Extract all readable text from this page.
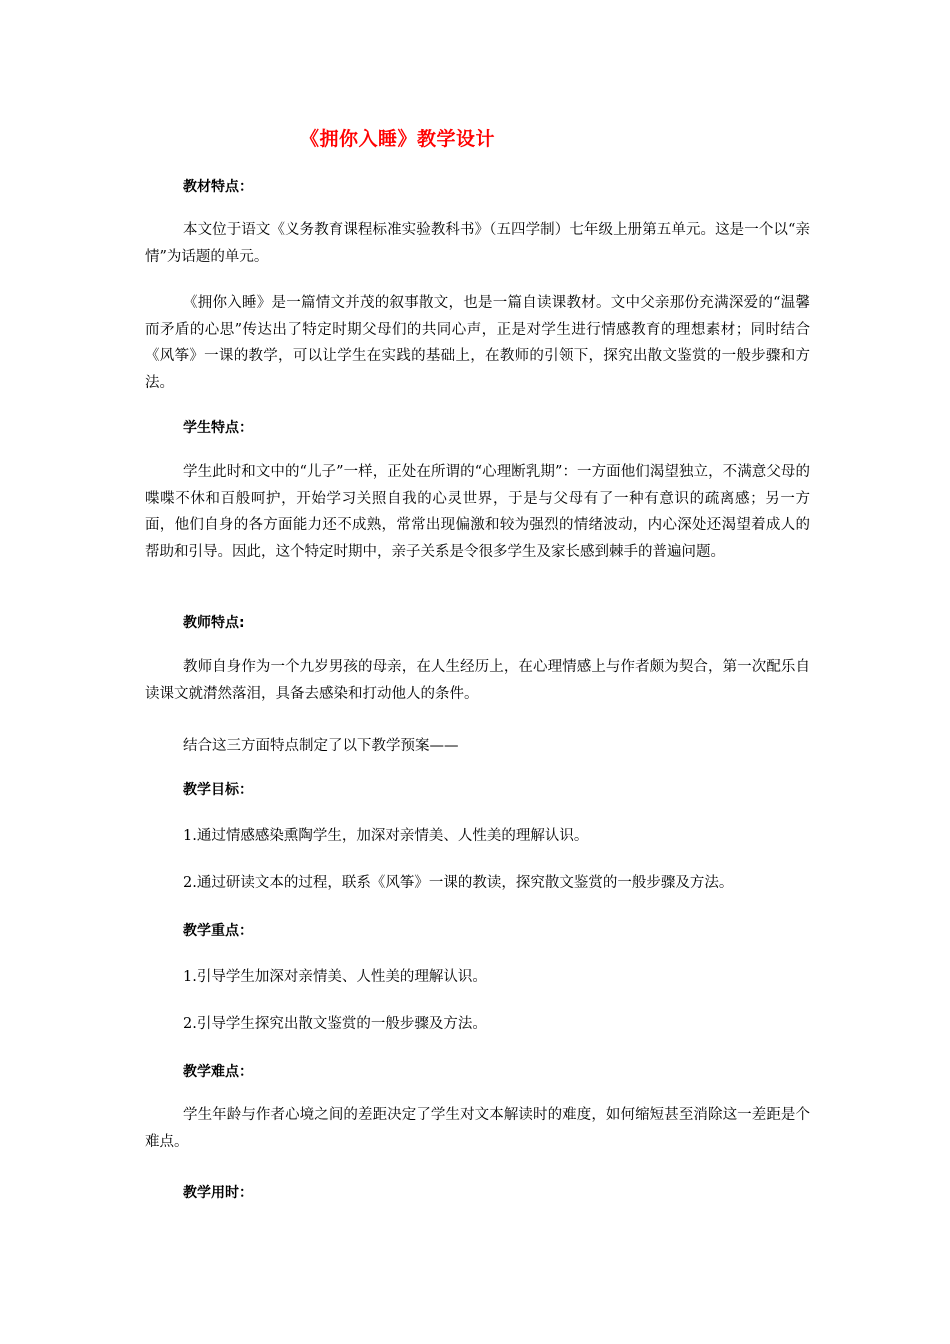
《拥你入睡》教学设计
教材特点：

本文位于语文《义务教育课程标准实验教科书》（五四学制）七年级上册第五单元。这是一个以“亲情”为话题的单元。

《拥你入睡》是一篇情文并茂的叙事散文，也是一篇自读课教材。文中父亲那份充满深爱的“温馨而矛盾的心思”传达出了特定时期父母们的共同心声，正是对学生进行情感教育的理想素材；同时结合《风筝》一课的教学，可以让学生在实践的基础上，在教师的引领下，探究出散文鉴赏的一般步骤和方法。

学生特点：

学生此时和文中的“儿子”一样，正处在所谓的“心理断乳期”：一方面他们渴望独立，不满意父母的喋喋不休和百般呵护，开始学习关照自我的心灵世界，于是与父母有了一种有意识的疏离感；另一方面，他们自身的各方面能力还不成熟，常常出现偏激和较为强烈的情绪波动，内心深处还渴望着成人的帮助和引导。因此，这个特定时期中，亲子关系是令很多学生及家长感到棘手的普遍问题。

教师特点:

教师自身作为一个九岁男孩的母亲，在人生经历上，在心理情感上与作者颇为契合，第一次配乐自读课文就潸然落泪，具备去感染和打动他人的条件。

结合这三方面特点制定了以下教学预案——

教学目标：

1.通过情感感染熏陶学生，加深对亲情美、人性美的理解认识。

2.通过研读文本的过程，联系《风筝》一课的教读，探究散文鉴赏的一般步骤及方法。

教学重点：

1.引导学生加深对亲情美、人性美的理解认识。

2.引导学生探究出散文鉴赏的一般步骤及方法。

教学难点：

学生年龄与作者心境之间的差距决定了学生对文本解读时的难度，如何缩短甚至消除这一差距是个难点。

教学用时：
